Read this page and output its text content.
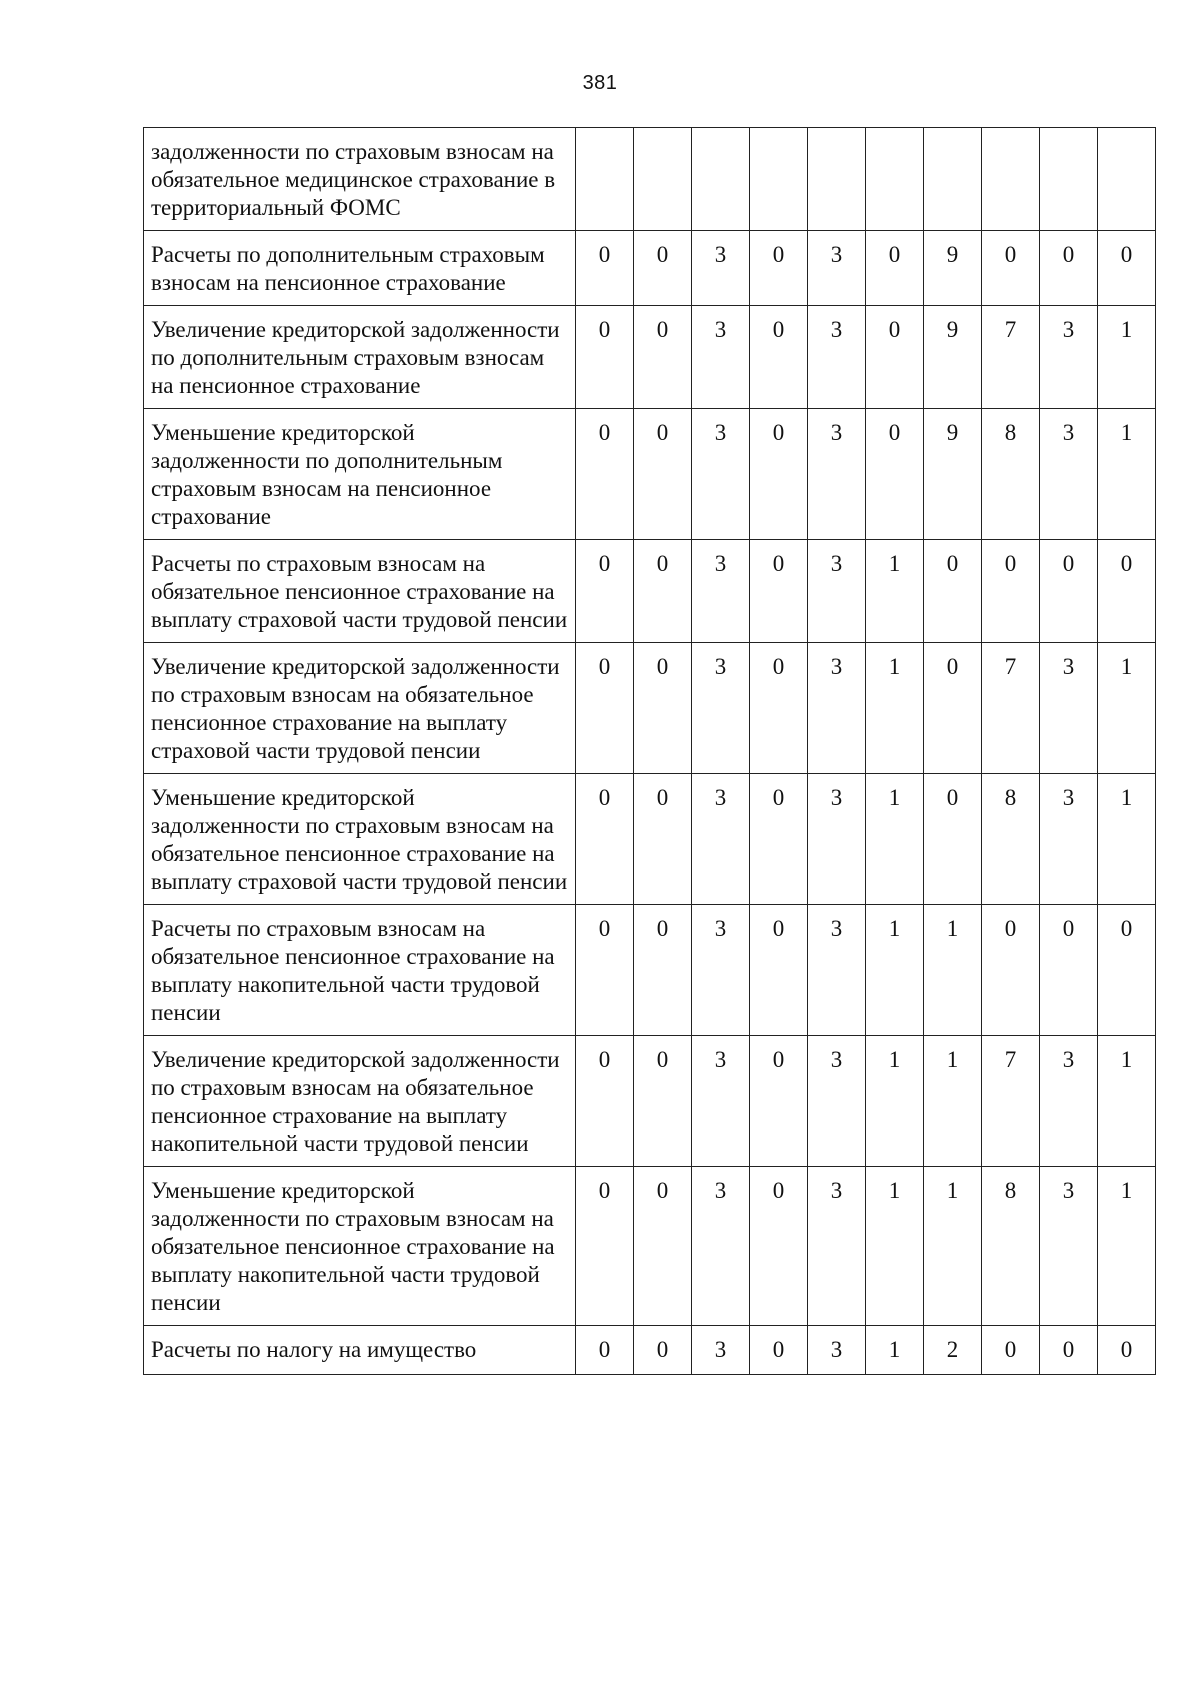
381
задолженности по страховым взносам на обязательное медицинское страхование в территориальный ФОМС										
Расчеты по дополнительным страховым взносам на пенсионное страхование	0	0	3	0	3	0	9	0	0	0
Увеличение кредиторской задолженности по дополнительным страховым взносам на пенсионное страхование	0	0	3	0	3	0	9	7	3	1
Уменьшение кредиторской задолженности по дополнительным страховым взносам на пенсионное страхование	0	0	3	0	3	0	9	8	3	1
Расчеты по страховым взносам на обязательное пенсионное страхование на выплату страховой части трудовой пенсии	0	0	3	0	3	1	0	0	0	0
Увеличение кредиторской задолженности по страховым взносам на обязательное пенсионное страхование на выплату страховой части трудовой пенсии	0	0	3	0	3	1	0	7	3	1
Уменьшение кредиторской задолженности по страховым взносам на обязательное пенсионное страхование на выплату страховой части трудовой пенсии	0	0	3	0	3	1	0	8	3	1
Расчеты по страховым взносам на обязательное пенсионное страхование на выплату накопительной части трудовой пенсии	0	0	3	0	3	1	1	0	0	0
Увеличение кредиторской задолженности по страховым взносам на обязательное пенсионное страхование на выплату накопительной части трудовой пенсии	0	0	3	0	3	1	1	7	3	1
Уменьшение кредиторской задолженности по страховым взносам на обязательное пенсионное страхование на выплату накопительной части трудовой пенсии	0	0	3	0	3	1	1	8	3	1
Расчеты по налогу на имущество	0	0	3	0	3	1	2	0	0	0
